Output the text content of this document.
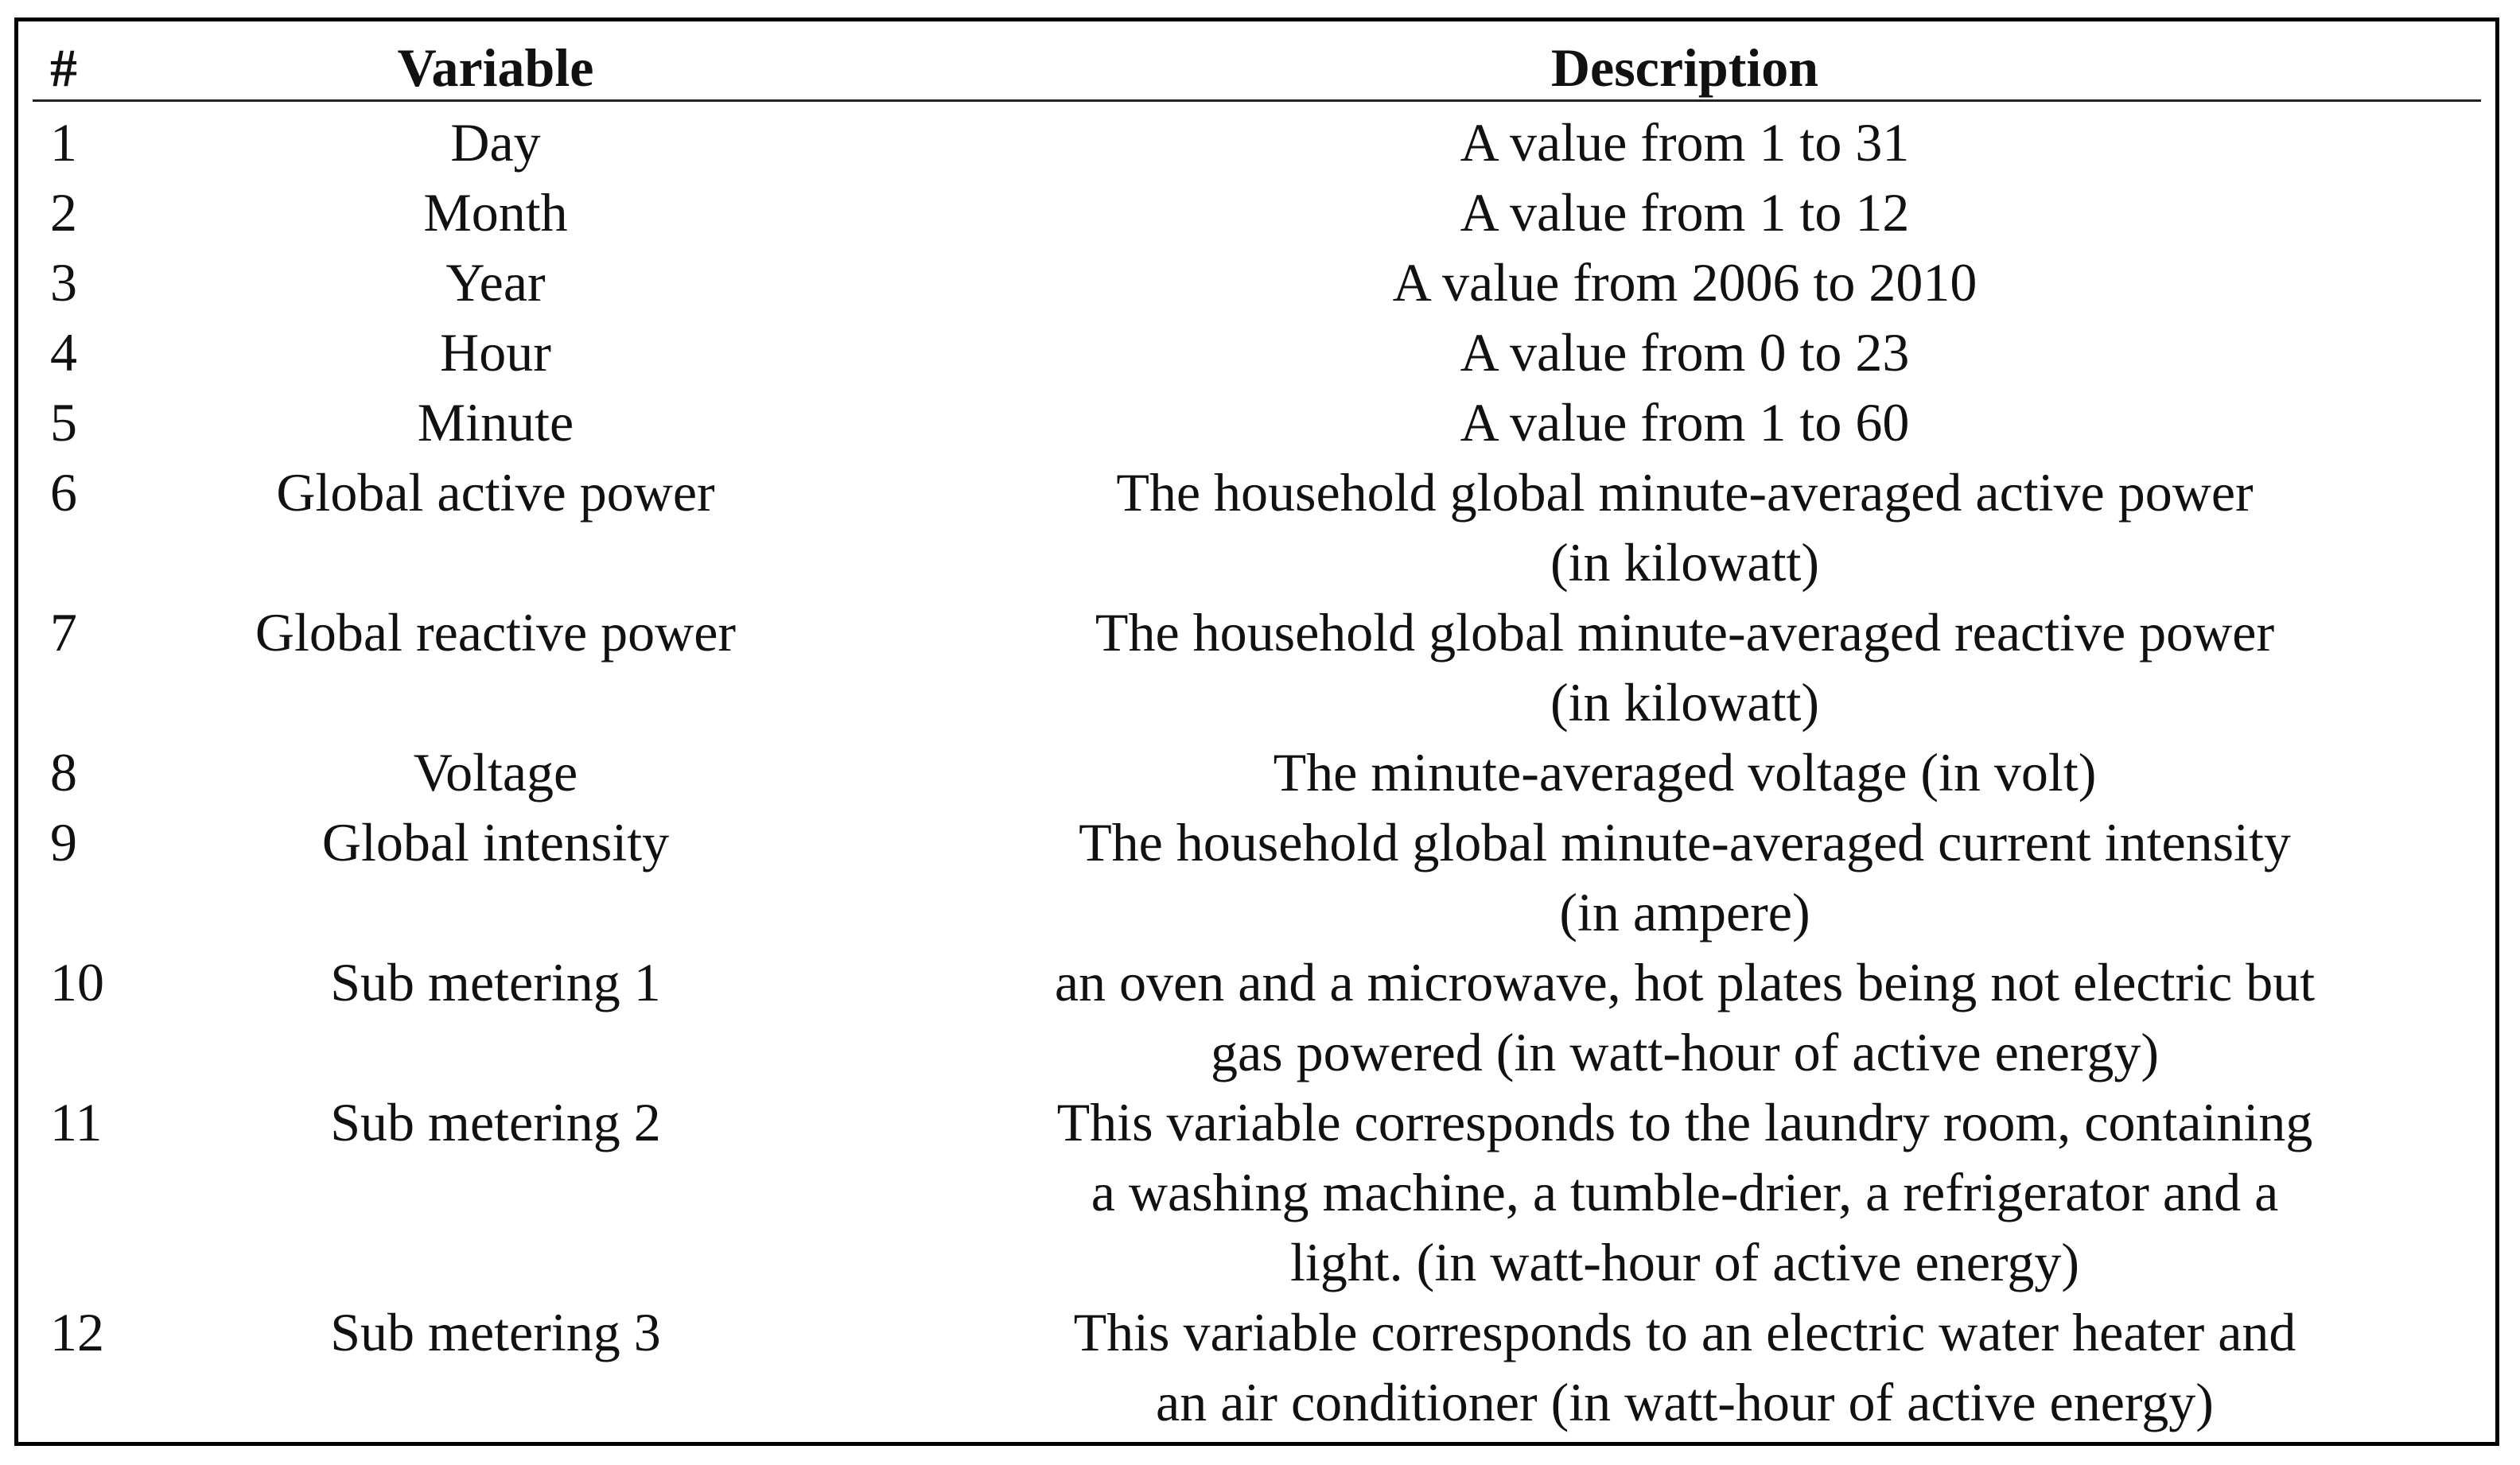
#	Variable	Description
1	Day	A value from 1 to 31
2	Month	A value from 1 to 12
3	Year	A value from 2006 to 2010
4	Hour	A value from 0 to 23
5	Minute	A value from 1 to 60
6	Global active power	The household global minute-averaged active power
(in kilowatt)
7	Global reactive power	The household global minute-averaged reactive power
(in kilowatt)
8	Voltage	The minute-averaged voltage (in volt)
9	Global intensity	The household global minute-averaged current intensity
(in ampere)
10	Sub metering 1	an oven and a microwave, hot plates being not electric but
gas powered (in watt-hour of active energy)
11	Sub metering 2	This variable corresponds to the laundry room, containing
a washing machine, a tumble-drier, a refrigerator and a
light. (in watt-hour of active energy)
12	Sub metering 3	This variable corresponds to an electric water heater and
an air conditioner (in watt-hour of active energy)
